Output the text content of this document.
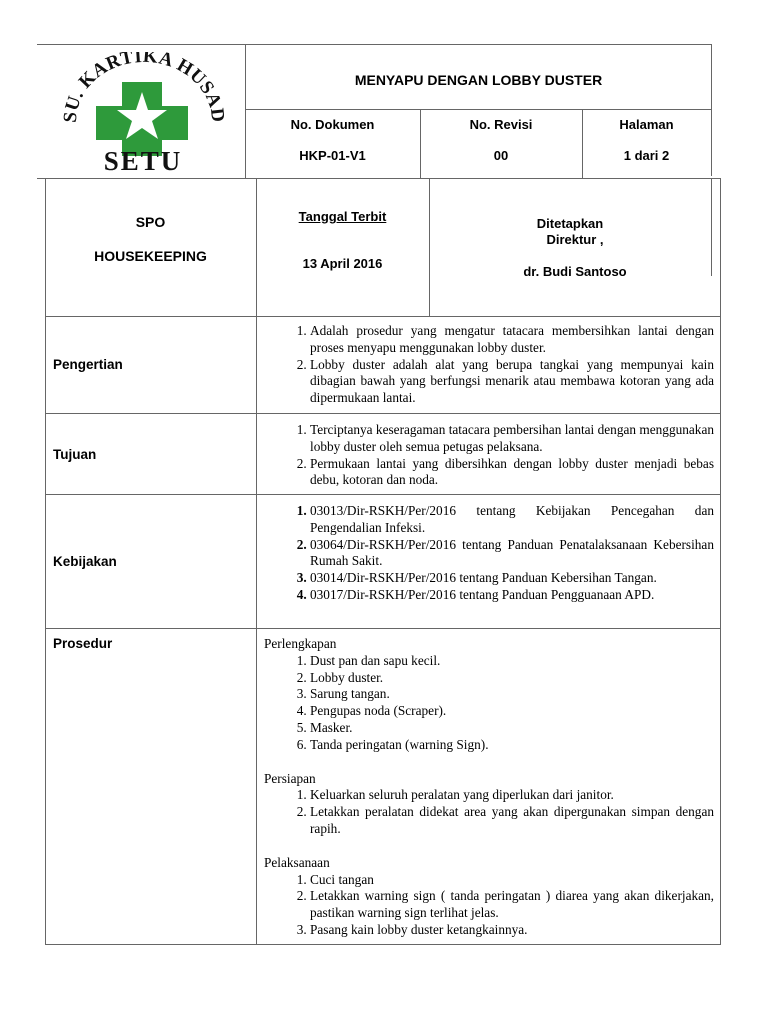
SU. KARTIKA HUSAD
SETU
MENYAPU DENGAN LOBBY DUSTER
No. Dokumen
HKP-01-V1
No. Revisi
00
Halaman
1 dari 2
SPO
HOUSEKEEPING
Tanggal Terbit
13 April 2016
Ditetapkan
Direktur ,
dr. Budi Santoso
Pengertian
1. Adalah prosedur yang mengatur tatacara membersihkan lantai dengan proses menyapu menggunakan lobby duster.
2. Lobby duster adalah alat yang berupa tangkai yang mempunyai kain dibagian bawah yang berfungsi menarik atau membawa kotoran yang ada dipermukaan lantai.
Tujuan
1. Terciptanya keseragaman tatacara pembersihan lantai dengan menggunakan lobby duster oleh semua petugas pelaksana.
2. Permukaan lantai yang dibersihkan dengan lobby duster menjadi bebas debu, kotoran dan noda.
Kebijakan
1. 03013/Dir-RSKH/Per/2016 tentang Kebijakan Pencegahan dan Pengendalian Infeksi.
2. 03064/Dir-RSKH/Per/2016 tentang Panduan Penatalaksanaan Kebersihan Rumah Sakit.
3. 03014/Dir-RSKH/Per/2016 tentang Panduan Kebersihan Tangan.
4. 03017/Dir-RSKH/Per/2016 tentang Panduan Pengguanaan APD.
Prosedur	Perlengkapan
1. Dust pan dan sapu kecil.
2. Lobby duster.
3. Sarung tangan.
4. Pengupas noda (Scraper).
5. Masker.
6. Tanda peringatan (warning Sign).
Persiapan
1. Keluarkan seluruh peralatan yang diperlukan dari janitor.
2. Letakkan peralatan didekat area yang akan dipergunakan simpan dengan rapih.
Pelaksanaan
1. Cuci tangan
2. Letakkan warning sign ( tanda peringatan ) diarea yang akan dikerjakan, pastikan warning sign terlihat jelas.
3. Pasang kain lobby duster ketangkainnya.
